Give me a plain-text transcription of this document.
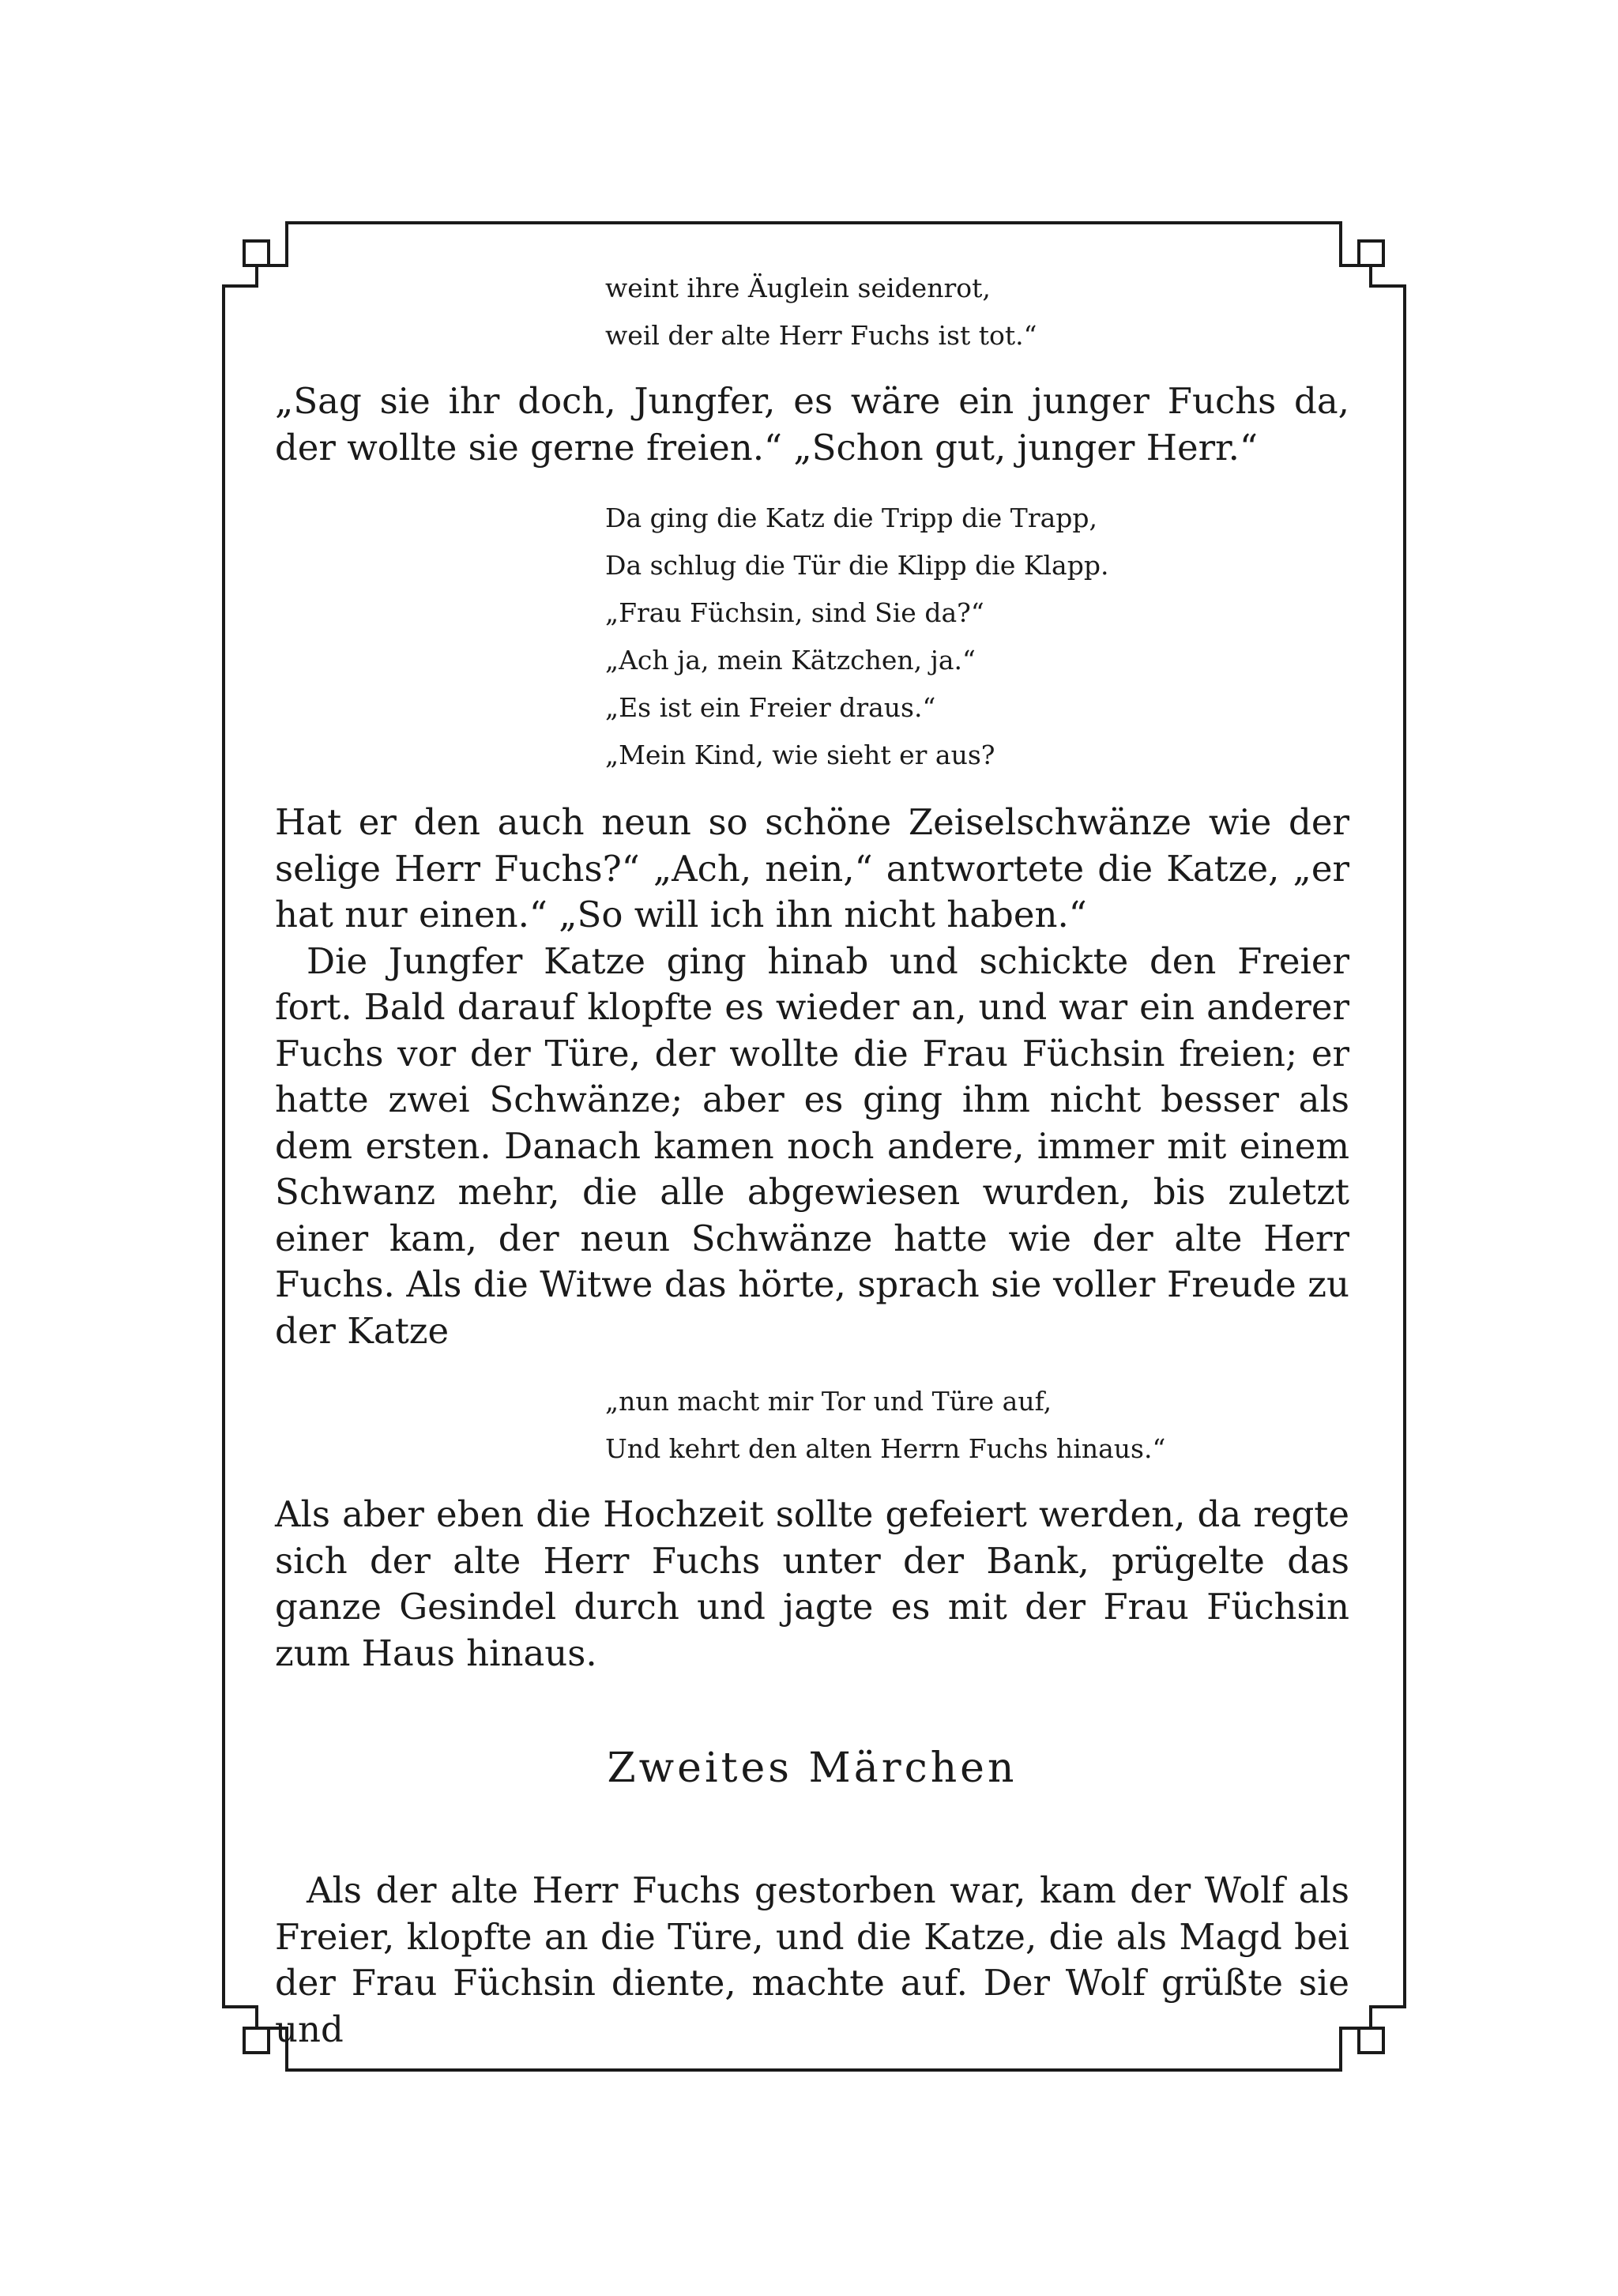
weint ihre Äuglein seidenrot,
weil der alte Herr Fuchs ist tot.“

„Sag sie ihr doch, Jungfer, es wäre ein junger Fuchs da, der wollte sie gerne freien.“ „Schon gut, junger Herr.“

Da ging die Katz die Tripp die Trapp,
Da schlug die Tür die Klipp die Klapp.
„Frau Füchsin, sind Sie da?“
„Ach ja, mein Kätzchen, ja.“
„Es ist ein Freier draus.“
„Mein Kind, wie sieht er aus?

Hat er den auch neun so schöne Zeiselschwänze wie der selige Herr Fuchs?“ „Ach, nein,“ antwortete die Katze, „er hat nur einen.“ „So will ich ihn nicht haben.“

Die Jungfer Katze ging hinab und schickte den Freier fort. Bald darauf klopfte es wieder an, und war ein anderer Fuchs vor der Türe, der wollte die Frau Füchsin freien; er hatte zwei Schwänze; aber es ging ihm nicht besser als dem ersten. Danach kamen noch andere, immer mit einem Schwanz mehr, die alle abgewiesen wurden, bis zuletzt einer kam, der neun Schwänze hatte wie der alte Herr Fuchs. Als die Witwe das hörte, sprach sie voller Freude zu der Katze

„nun macht mir Tor und Türe auf,
Und kehrt den alten Herrn Fuchs hinaus.“

Als aber eben die Hochzeit sollte gefeiert werden, da regte sich der alte Herr Fuchs unter der Bank, prügelte das ganze Gesindel durch und jagte es mit der Frau Füchsin zum Haus hinaus.

Zweites Märchen

Als der alte Herr Fuchs gestorben war, kam der Wolf als Freier, klopfte an die Türe, und die Katze, die als Magd bei der Frau Füchsin diente, machte auf. Der Wolf grüßte sie und
